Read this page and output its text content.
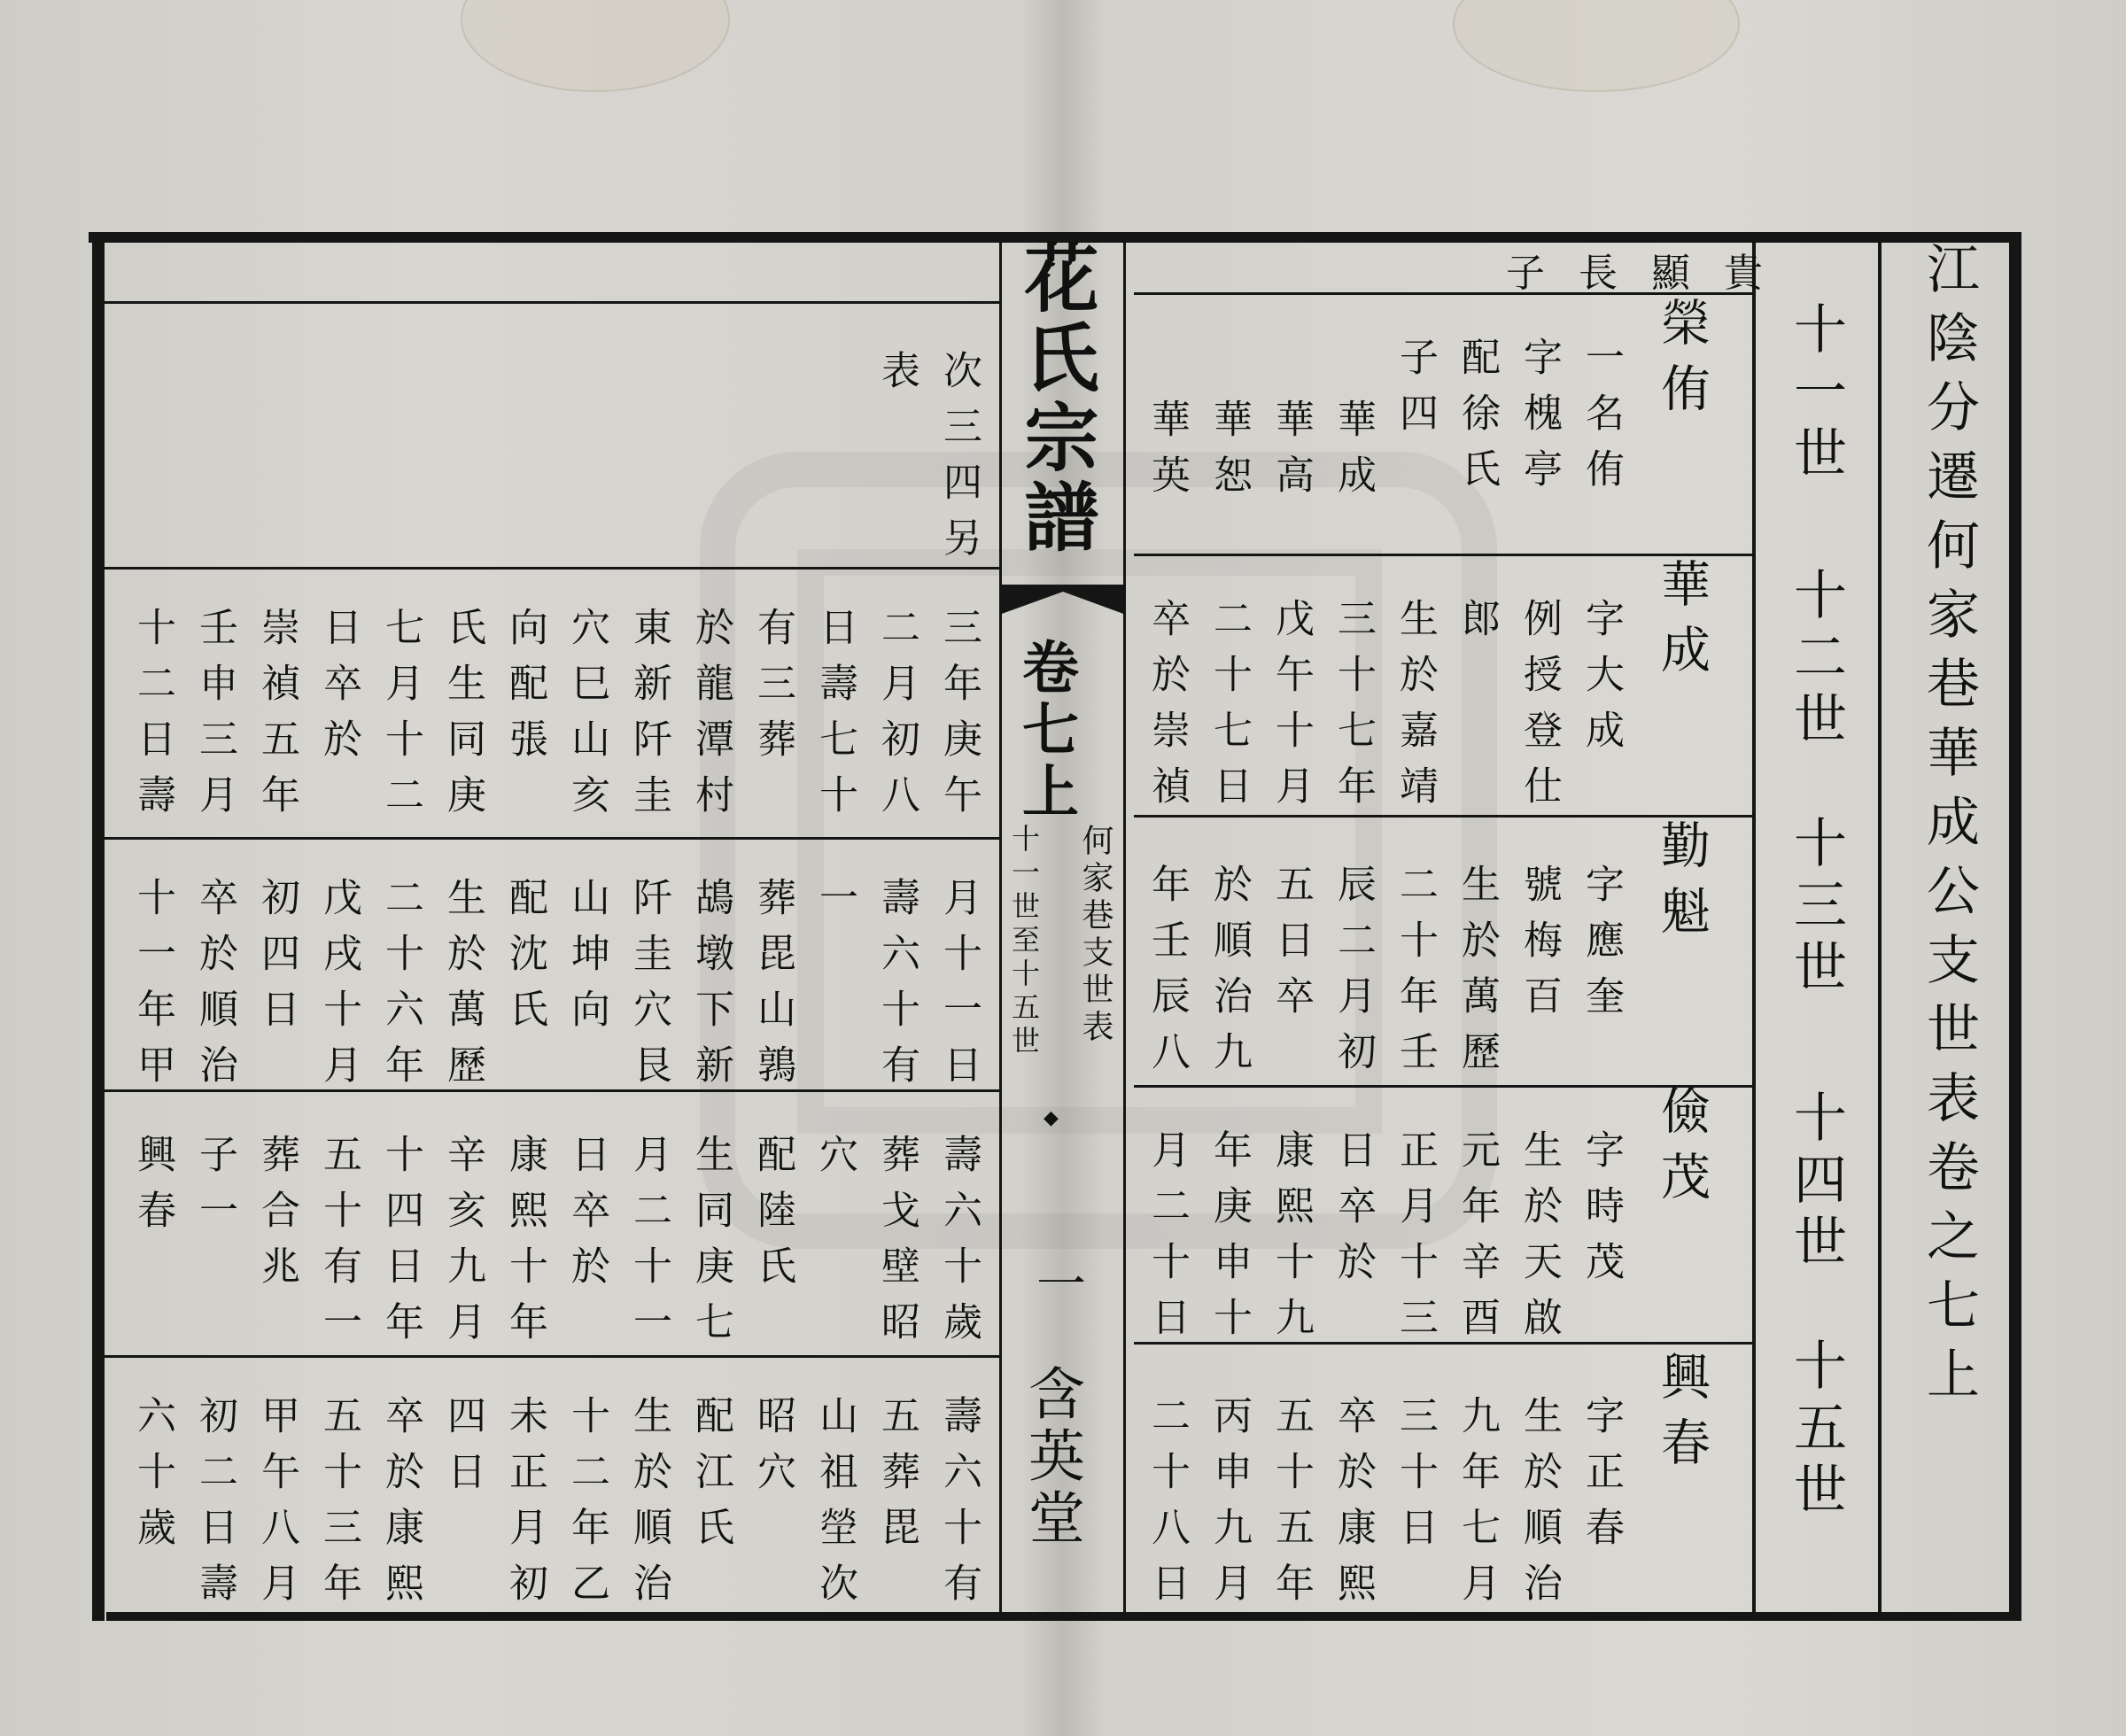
江陰分遷何家巷華成公支世表卷之七上
十一世
十二世
十三世
十四世
十五世
貴 顯 長 子
榮侑
一名侑
字槐亭
配徐氏
子四
華成
華高
華恕
華英
華成
字大成
例授登仕
郎
生於嘉靖
三十七年
戊午十月
二十七日
卒於崇禎
勤魁
字應奎
號梅百
生於萬歷
二十年壬
辰二月初
五日卒
於順治九
年壬辰八
儉茂
字時茂
生於天啟
元年辛酉
正月十三
日卒於
康熙十九
年庚申十
月二十日
興春
字正春
生於順治
九年七月
三十日
卒於康熙
五十五年
丙申九月
二十八日
花氏宗譜
卷七上
何家巷支世表
十一世至十五世
◆
一
含英堂
次三四另
表
三年庚午
二月初八
日壽七十
有三葬
於龍潭村
東新阡圭
穴巳山亥
向配張
氏生同庚
七月十二
日卒於
崇禎五年
壬申三月
十二日壽
月十一日
壽六十有
一
葬毘山鶉
鴣墩下新
阡圭穴艮
山坤向
配沈氏
生於萬歷
二十六年
戊戌十月
初四日
卒於順治
十一年甲
壽六十歲
葬戈壁昭
穴
配陸氏
生同庚七
月二十一
日卒於
康熙十年
辛亥九月
十四日年
五十有一
葬合兆
子一
興春
壽六十有
五葬毘
山祖塋次
昭穴
配江氏
生於順治
十二年乙
未正月初
四日
卒於康熙
五十三年
甲午八月
初二日壽
六十歲
